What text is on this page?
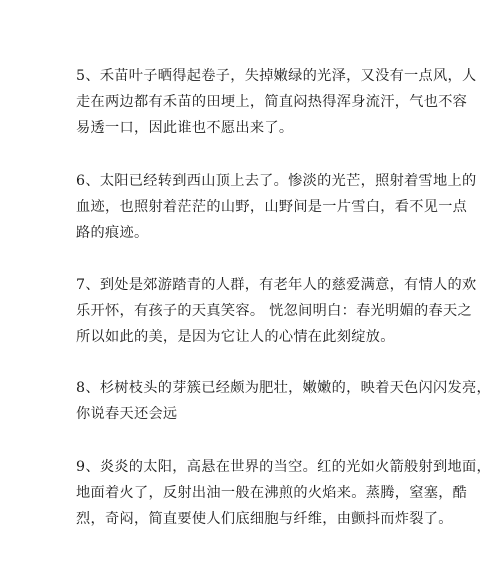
5、禾苗叶子晒得起卷子，失掉嫩绿的光泽，又没有一点风，人
走在两边都有禾苗的田埂上，简直闷热得浑身流汗，气也不容
易透一口，因此谁也不愿出来了。
6、太阳已经转到西山顶上去了。惨淡的光芒，照射着雪地上的
血迹，也照射着茫茫的山野，山野间是一片雪白，看不见一点
路的痕迹。
7、到处是郊游踏青的人群，有老年人的慈爱满意，有情人的欢
乐开怀，有孩子的天真笑容。 恍忽间明白：春光明媚的春天之
所以如此的美，是因为它让人的心情在此刻绽放。
8、杉树枝头的芽簇已经颇为肥壮，嫩嫩的，映着天色闪闪发亮，
你说春天还会远
9、炎炎的太阳，高悬在世界的当空。红的光如火箭般射到地面，
地面着火了，反射出油一般在沸煎的火焰来。蒸腾，窒塞，酷
烈，奇闷，简直要使人们底细胞与纤维，由颤抖而炸裂了。
